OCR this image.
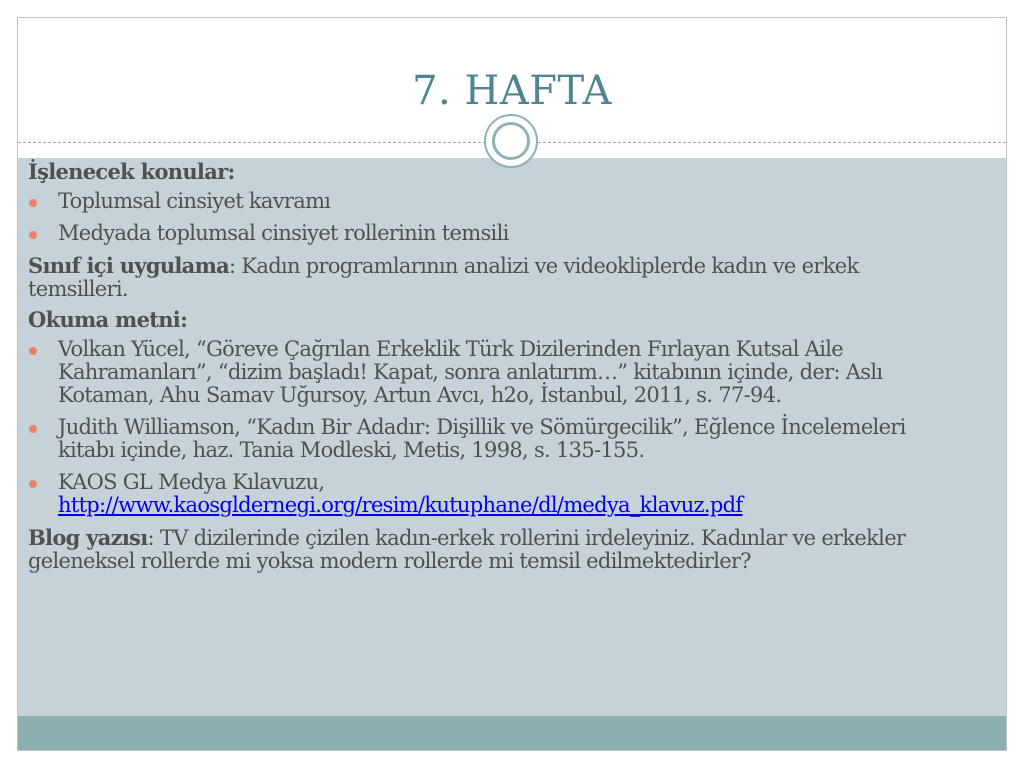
7. HAFTA

İşlenecek konular:

Toplumsal cinsiyet kavramı
Medyada toplumsal cinsiyet rollerinin temsili

Sınıf içi uygulama: Kadın programlarının analizi ve videokliplerde kadın ve erkek temsilleri.

Okuma metni:

Volkan Yücel, “Göreve Çağrılan Erkeklik Türk Dizilerinden Fırlayan Kutsal Aile Kahramanları”, “dizim başladı! Kapat, sonra anlatırım…” kitabının içinde, der: Aslı Kotaman, Ahu Samav Uğursoy, Artun Avcı, h2o, İstanbul, 2011, s. 77-94.
Judith Williamson, “Kadın Bir Adadır: Dişillik ve Sömürgecilik”, Eğlence İncelemeleri kitabı içinde, haz. Tania Modleski, Metis, 1998, s. 135-155.
KAOS GL Medya Kılavuzu,
http://www.kaosgldernegi.org/resim/kutuphane/dl/medya_klavuz.pdf

Blog yazısı: TV dizilerinde çizilen kadın-erkek rollerini irdeleyiniz. Kadınlar ve erkekler geleneksel rollerde mi yoksa modern rollerde mi temsil edilmektedirler?
